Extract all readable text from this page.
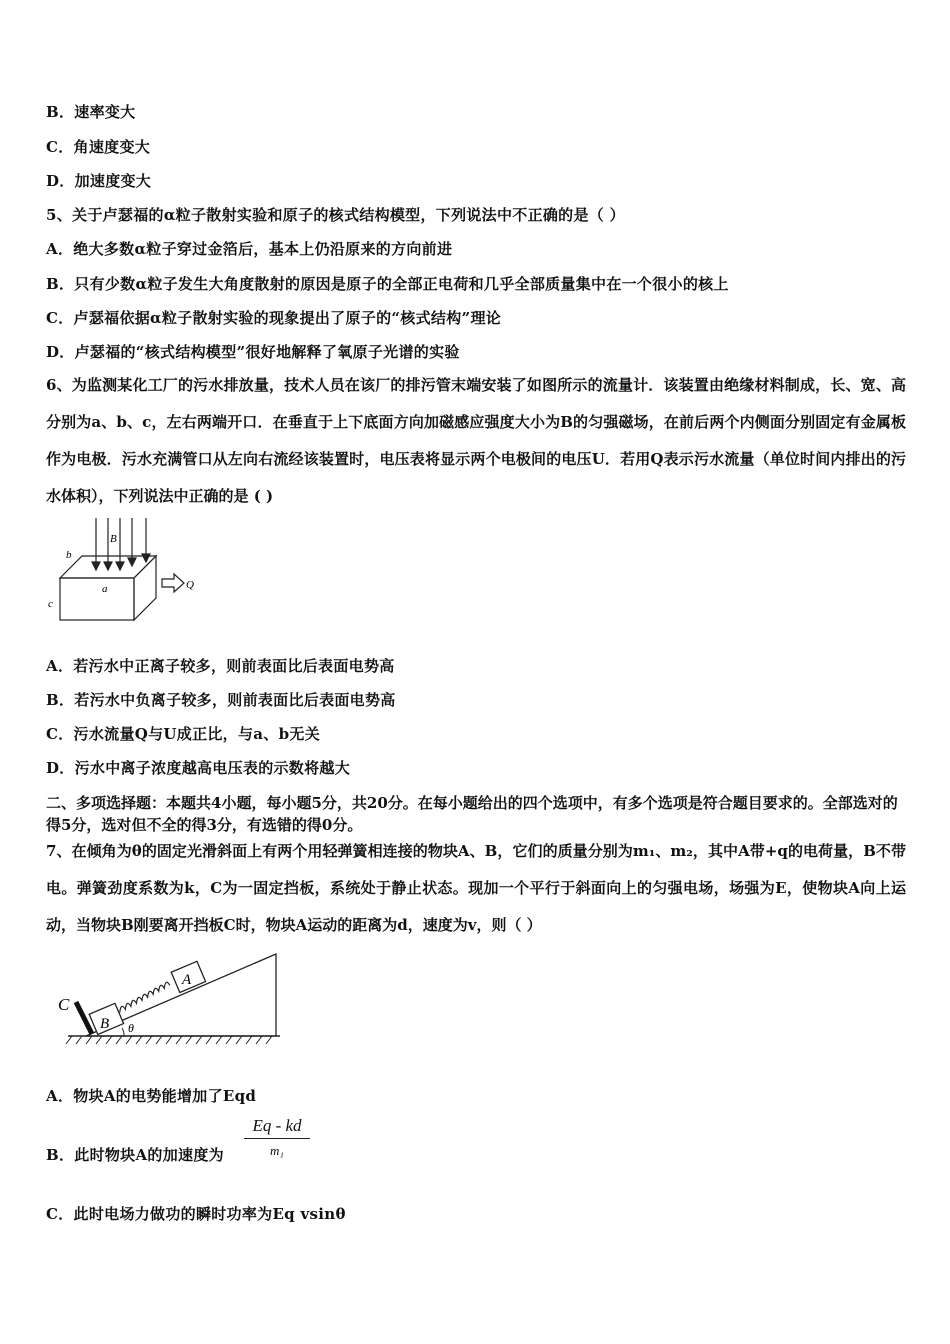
B．速率变大
C．角速度变大
D．加速度变大
5、关于卢瑟福的α粒子散射实验和原子的核式结构模型，下列说法中不正确的是（ ）
A．绝大多数α粒子穿过金箔后，基本上仍沿原来的方向前进
B．只有少数α粒子发生大角度散射的原因是原子的全部正电荷和几乎全部质量集中在一个很小的核上
C．卢瑟福依据α粒子散射实验的现象提出了原子的“核式结构”理论
D．卢瑟福的“核式结构模型”很好地解释了氧原子光谱的实验
6、为监测某化工厂的污水排放量，技术人员在该厂的排污管末端安装了如图所示的流量计．该装置由绝缘材料制成，长、宽、高分别为a、b、c，左右两端开口．在垂直于上下底面方向加磁感应强度大小为B的匀强磁场，在前后两个内侧面分别固定有金属板作为电极．污水充满管口从左向右流经该装置时，电压表将显示两个电极间的电压U．若用Q表示污水流量（单位时间内排出的污水体积），下列说法中正确的是 ( )
b
B
a
c
Q
A．若污水中正离子较多，则前表面比后表面电势高
B．若污水中负离子较多，则前表面比后表面电势高
C．污水流量Q与U成正比，与a、b无关
D．污水中离子浓度越高电压表的示数将越大
二、多项选择题：本题共4小题，每小题5分，共20分。在每小题给出的四个选项中，有多个选项是符合题目要求的。全部选对的得5分，选对但不全的得3分，有选错的得0分。
7、在倾角为θ的固定光滑斜面上有两个用轻弹簧相连接的物块A、B，它们的质量分别为m₁、m₂，其中A带+q的电荷量，B不带电。弹簧劲度系数为k，C为一固定挡板，系统处于静止状态。现加一个平行于斜面向上的匀强电场，场强为E，使物块A向上运动，当物块B刚要离开挡板C时，物块A运动的距离为d，速度为v，则（ ）
C
B
A
θ
A．物块A的电势能增加了Eqd
B．此时物块A的加速度为
Eq - kd
m₁
C．此时电场力做功的瞬时功率为Eq vsinθ
